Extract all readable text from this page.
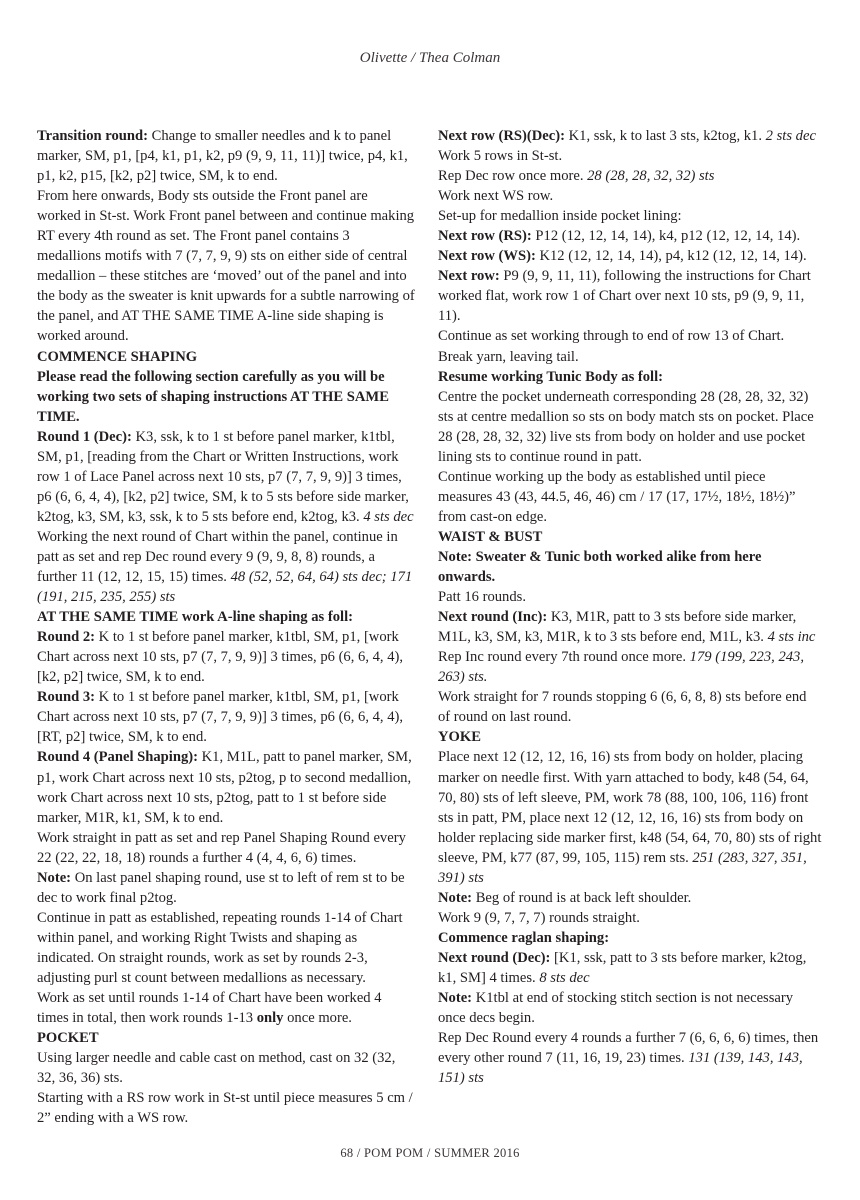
Olivette / Thea Colman

Transition round: Change to smaller needles and k to panel marker, SM, p1, [p4, k1, p1, k2, p9 (9, 9, 11, 11)] twice, p4, k1, p1, k2, p15, [k2, p2] twice, SM, k to end.

From here onwards, Body sts outside the Front panel are worked in St-st. Work Front panel between and continue making RT every 4th round as set. The Front panel contains 3 medallions motifs with 7 (7, 7, 9, 9) sts on either side of central medallion – these stitches are ‘moved’ out of the panel and into the body as the sweater is knit upwards for a subtle narrowing of the panel, and AT THE SAME TIME A-line side shaping is worked around.

COMMENCE SHAPING

Please read the following section carefully as you will be working two sets of shaping instructions AT THE SAME TIME.

Round 1 (Dec): K3, ssk, k to 1 st before panel marker, k1tbl, SM, p1, [reading from the Chart or Written Instructions, work row 1 of Lace Panel across next 10 sts, p7 (7, 7, 9, 9)] 3 times, p6 (6, 6, 4, 4), [k2, p2] twice, SM, k to 5 sts before side marker, k2tog, k3, SM, k3, ssk, k to 5 sts before end, k2tog, k3. 4 sts dec

Working the next round of Chart within the panel, continue in patt as set and rep Dec round every 9 (9, 9, 8, 8) rounds, a further 11 (12, 12, 15, 15) times. 48 (52, 52, 64, 64) sts dec; 171 (191, 215, 235, 255) sts

AT THE SAME TIME work A-line shaping as foll:

Round 2: K to 1 st before panel marker, k1tbl, SM, p1, [work Chart across next 10 sts, p7 (7, 7, 9, 9)] 3 times, p6 (6, 6, 4, 4), [k2, p2] twice, SM, k to end.

Round 3: K to 1 st before panel marker, k1tbl, SM, p1, [work Chart across next 10 sts, p7 (7, 7, 9, 9)] 3 times, p6 (6, 6, 4, 4), [RT, p2] twice, SM, k to end.

Round 4 (Panel Shaping): K1, M1L, patt to panel marker, SM, p1, work Chart across next 10 sts, p2tog, p to second medallion, work Chart across next 10 sts, p2tog, patt to 1 st before side marker, M1R, k1, SM, k to end.

Work straight in patt as set and rep Panel Shaping Round every 22 (22, 22, 18, 18) rounds a further 4 (4, 4, 6, 6) times.

Note: On last panel shaping round, use st to left of rem st to be dec to work final p2tog.

Continue in patt as established, repeating rounds 1-14 of Chart within panel, and working Right Twists and shaping as indicated. On straight rounds, work as set by rounds 2-3, adjusting purl st count between medallions as necessary.

Work as set until rounds 1-14 of Chart have been worked 4 times in total, then work rounds 1-13 only once more.

POCKET

Using larger needle and cable cast on method, cast on 32 (32, 32, 36, 36) sts.

Starting with a RS row work in St-st until piece measures 5 cm / 2” ending with a WS row.

Next row (RS)(Dec): K1, ssk, k to last 3 sts, k2tog, k1. 2 sts dec

Work 5 rows in St-st.

Rep Dec row once more. 28 (28, 28, 32, 32) sts

Work next WS row.

Set-up for medallion inside pocket lining:

Next row (RS): P12 (12, 12, 14, 14), k4, p12 (12, 12, 14, 14).

Next row (WS): K12 (12, 12, 14, 14), p4, k12 (12, 12, 14, 14).

Next row: P9 (9, 9, 11, 11), following the instructions for Chart worked flat, work row 1 of Chart over next 10 sts, p9 (9, 9, 11, 11).

Continue as set working through to end of row 13 of Chart. Break yarn, leaving tail.

Resume working Tunic Body as foll:

Centre the pocket underneath corresponding 28 (28, 28, 32, 32) sts at centre medallion so sts on body match sts on pocket. Place 28 (28, 28, 32, 32) live sts from body on holder and use pocket lining sts to continue round in patt.

Continue working up the body as established until piece measures 43 (43, 44.5, 46, 46) cm / 17 (17, 17½, 18½, 18½)” from cast-on edge.

WAIST & BUST

Note: Sweater & Tunic both worked alike from here onwards.

Patt 16 rounds.

Next round (Inc): K3, M1R, patt to 3 sts before side marker, M1L, k3, SM, k3, M1R, k to 3 sts before end, M1L, k3. 4 sts inc

Rep Inc round every 7th round once more. 179 (199, 223, 243, 263) sts.

Work straight for 7 rounds stopping 6 (6, 6, 8, 8) sts before end of round on last round.

YOKE

Place next 12 (12, 12, 16, 16) sts from body on holder, placing marker on needle first. With yarn attached to body, k48 (54, 64, 70, 80) sts of left sleeve, PM, work 78 (88, 100, 106, 116) front sts in patt, PM, place next 12 (12, 12, 16, 16) sts from body on holder replacing side marker first, k48 (54, 64, 70, 80) sts of right sleeve, PM, k77 (87, 99, 105, 115) rem sts. 251 (283, 327, 351, 391) sts

Note: Beg of round is at back left shoulder.

Work 9 (9, 7, 7, 7) rounds straight.

Commence raglan shaping:

Next round (Dec): [K1, ssk, patt to 3 sts before marker, k2tog, k1, SM] 4 times. 8 sts dec

Note: K1tbl at end of stocking stitch section is not necessary once decs begin.

Rep Dec Round every 4 rounds a further 7 (6, 6, 6, 6) times, then every other round 7 (11, 16, 19, 23) times. 131 (139, 143, 143, 151) sts

68 / POM POM / SUMMER 2016
